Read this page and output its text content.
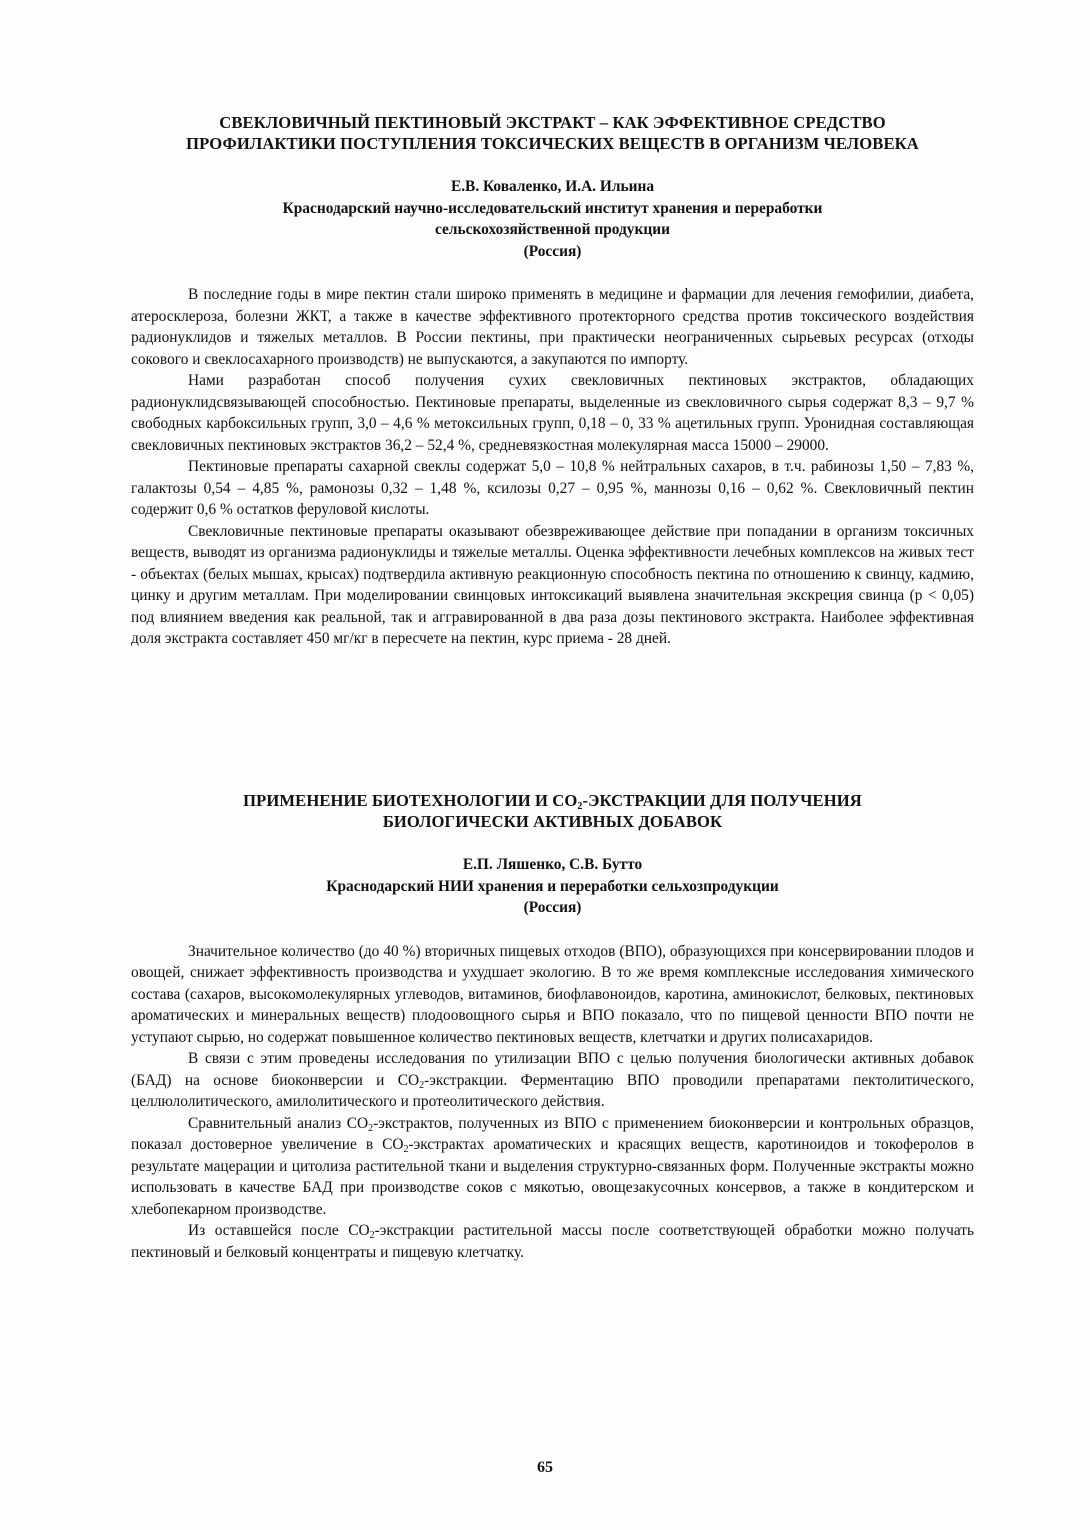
СВЕКЛОВИЧНЫЙ ПЕКТИНОВЫЙ ЭКСТРАКТ – КАК ЭФФЕКТИВНОЕ СРЕДСТВО
ПРОФИЛАКТИКИ ПОСТУПЛЕНИЯ ТОКСИЧЕСКИХ ВЕЩЕСТВ В ОРГАНИЗМ ЧЕЛОВЕКА

Е.В. Коваленко, И.А. Ильина

Краснодарский научно-исследовательский институт хранения и переработки
сельскохозяйственной продукции
(Россия)

В последние годы в мире пектин стали широко применять в медицине и фармации для лечения гемофилии, диабета, атеросклероза, болезни ЖКТ, а также в качестве эффективного протекторного средства против токсического воздействия радионуклидов и тяжелых металлов. В России пектины, при практически неограниченных сырьевых ресурсах (отходы сокового и свеклосахарного производств) не выпускаются, а закупаются по импорту.

Нами разработан способ получения сухих свекловичных пектиновых экстрактов, обладающих радионуклидсвязывающей способностью. Пектиновые препараты, выделенные из свекловичного сырья содержат 8,3 – 9,7 % свободных карбоксильных групп, 3,0 – 4,6 % метоксильных групп, 0,18 – 0, 33 % ацетильных групп. Уронидная составляющая свекловичных пектиновых экстрактов 36,2 – 52,4 %, средневязкостная молекулярная масса 15000 – 29000.

Пектиновые препараты сахарной свеклы содержат 5,0 – 10,8 % нейтральных сахаров, в т.ч. рабинозы 1,50 – 7,83 %, галактозы 0,54 – 4,85 %, рамонозы 0,32 – 1,48 %, ксилозы 0,27 – 0,95 %, маннозы 0,16 – 0,62 %. Свекловичный пектин содержит 0,6 % остатков феруловой кислоты.

Свекловичные пектиновые препараты оказывают обезвреживающее действие при попадании в организм токсичных веществ, выводят из организма радионуклиды и тяжелые металлы. Оценка эффективности лечебных комплексов на живых тест - объектах (белых мышах, крысах) подтвердила активную реакционную способность пектина по отношению к свинцу, кадмию, цинку и другим металлам. При моделировании свинцовых интоксикаций выявлена значительная экскреция свинца (р < 0,05) под влиянием введения как реальной, так и аггравированной в два раза дозы пектинового экстракта. Наиболее эффективная доля экстракта составляет 450 мг/кг в пересчете на пектин, курс приема - 28 дней.

ПРИМЕНЕНИЕ БИОТЕХНОЛОГИИ И $СО_2$-ЭКСТРАКЦИИ ДЛЯ ПОЛУЧЕНИЯ
БИОЛОГИЧЕСКИ АКТИВНЫХ ДОБАВОК

Е.П. Ляшенко, С.В. Бутто

Краснодарский НИИ хранения и переработки сельхозпродукции
(Россия)

Значительное количество (до 40 %) вторичных пищевых отходов (ВПО), образующихся при консервировании плодов и овощей, снижает эффективность производства и ухудшает экологию. В то же время комплексные исследования химического состава (сахаров, высокомолекулярных углеводов, витаминов, биофлавоноидов, каротина, аминокислот, белковых, пектиновых ароматических и минеральных веществ) плодоовощного сырья и ВПО показало, что по пищевой ценности ВПО почти не уступают сырью, но содержат повышенное количество пектиновых веществ, клетчатки и других полисахаридов.

В связи с этим проведены исследования по утилизации ВПО с целью получения биологически активных добавок (БАД) на основе биоконверсии и $СО_2$-экстракции. Ферментацию ВПО проводили препаратами пектолитического, целлюлолитического, амилолитического и протеолитического действия.

Сравнительный анализ $СО_2$-экстрактов, полученных из ВПО с применением биоконверсии и контрольных образцов, показал достоверное увеличение в $СО_2$-экстрактах ароматических и красящих веществ, каротиноидов и токоферолов в результате мацерации и цитолиза растительной ткани и выделения структурно-связанных форм. Полученные экстракты можно использовать в качестве БАД при производстве соков с мякотью, овощезакусочных консервов, а также в кондитерском и хлебопекарном производстве.

Из оставшейся после $СО_2$-экстракции растительной массы после соответствующей обработки можно получать пектиновый и белковый концентраты и пищевую клетчатку.

65
